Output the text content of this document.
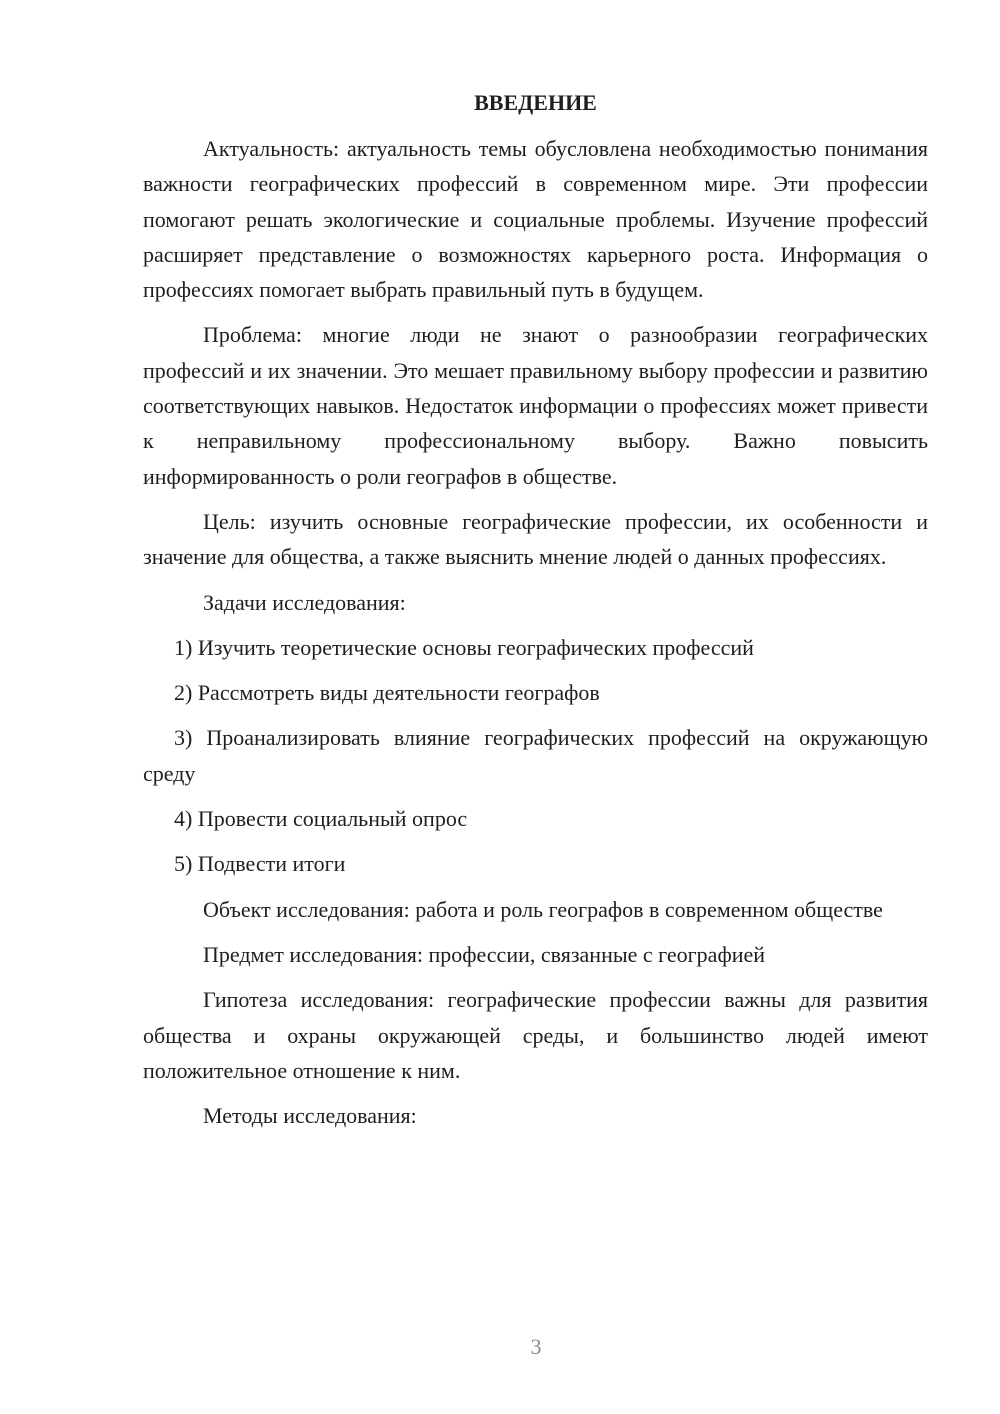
ВВЕДЕНИЕ

Актуальность: актуальность темы обусловлена необходимостью понимания важности географических профессий в современном мире. Эти профессии помогают решать экологические и социальные проблемы. Изучение профессий расширяет представление о возможностях карьерного роста. Информация о профессиях помогает выбрать правильный путь в будущем.

Проблема: многие люди не знают о разнообразии географических профессий и их значении. Это мешает правильному выбору профессии и развитию соответствующих навыков. Недостаток информации о профессиях может привести к неправильному профессиональному выбору. Важно повысить информированность о роли географов в обществе.

Цель: изучить основные географические профессии, их особенности и значение для общества, а также выяснить мнение людей о данных профессиях.

Задачи исследования:

1) Изучить теоретические основы географических профессий

2) Рассмотреть виды деятельности географов

3) Проанализировать влияние географических профессий на окружающую среду

4) Провести социальный опрос

5) Подвести итоги

Объект исследования: работа и роль географов в современном обществе

Предмет исследования: профессии, связанные с географией

Гипотеза исследования: географические профессии важны для развития общества и охраны окружающей среды, и большинство людей имеют положительное отношение к ним.

Методы исследования:

3
